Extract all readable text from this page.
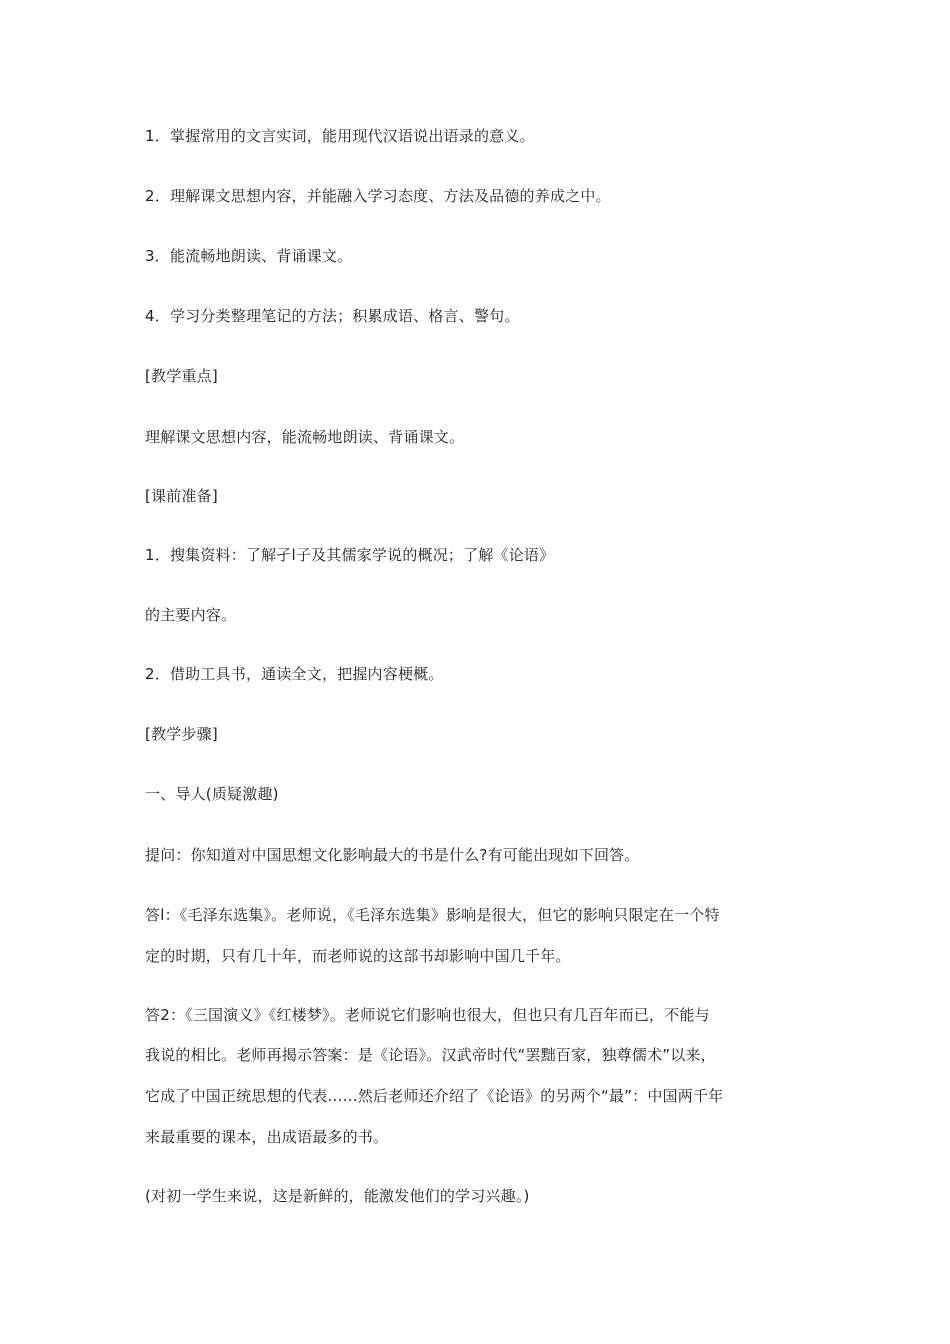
1．掌握常用的文言实词，能用现代汉语说出语录的意义。
2．理解课文思想内容，并能融入学习态度、方法及品德的养成之中。
3．能流畅地朗读、背诵课文。
4．学习分类整理笔记的方法；积累成语、格言、警句。
[教学重点]
理解课文思想内容，能流畅地朗读、背诵课文。
[课前准备]
1．搜集资料：了解孑l子及其儒家学说的概况；了解《论语》
的主要内容。
2．借助工具书，通读全文，把握内容梗概。
[教学步骤]
一、导人(质疑激趣)
提问：你知道对中国思想文化影响最大的书是什么?有可能出现如下回答。
答l：《毛泽东选集》。老师说，《毛泽东选集》影响是很大，但它的影响只限定在一个特
定的时期，只有几十年，而老师说的这部书却影响中国几千年。
答2：《三国演义》《红楼梦》。老师说它们影响也很大，但也只有几百年而已，不能与
我说的相比。老师再揭示答案：是《论语》。汉武帝时代“罢黜百家，独尊儒术”以来，
它成了中国正统思想的代表……然后老师还介绍了《论语》的另两个“最”：中国两千年
来最重要的课本，出成语最多的书。
(对初一学生来说，这是新鲜的，能激发他们的学习兴趣。)
